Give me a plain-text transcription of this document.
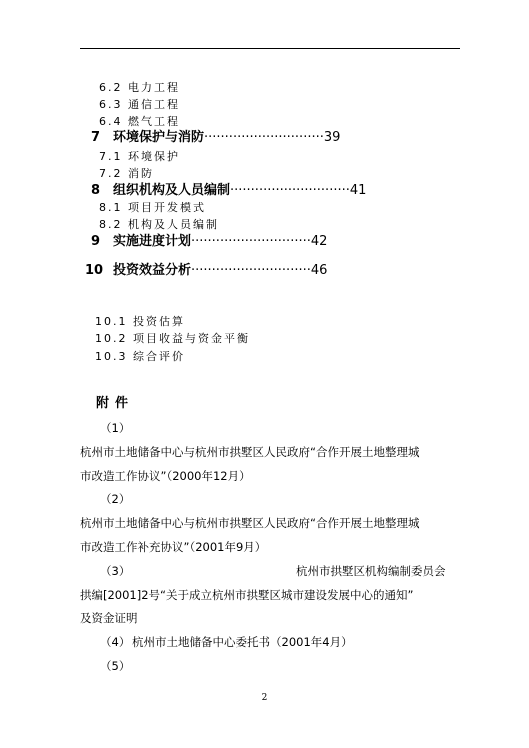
6.2 电力工程
6.3 通信工程
6.4 燃气工程
7 环境保护与消防·····························39
7.1 环境保护
7.2 消防
8 组织机构及人员编制·····························41
8.1 项目开发模式
8.2 机构及人员编制
9 实施进度计划·····························42
10 投资效益分析·····························46
10.1 投资估算
10.2 项目收益与资金平衡
10.3 综合评价
附件
（1）
杭州市土地储备中心与杭州市拱墅区人民政府“合作开展土地整理城
市改造工作协议”（2000年12月）
（2）
杭州市土地储备中心与杭州市拱墅区人民政府“合作开展土地整理城
市改造工作补充协议”（2001年9月）
（3）	杭州市拱墅区机构编制委员会
拱编[2001]2号“关于成立杭州市拱墅区城市建设发展中心的通知”
及资金证明
（4） 杭州市土地储备中心委托书（2001年4月）
（5）
2
